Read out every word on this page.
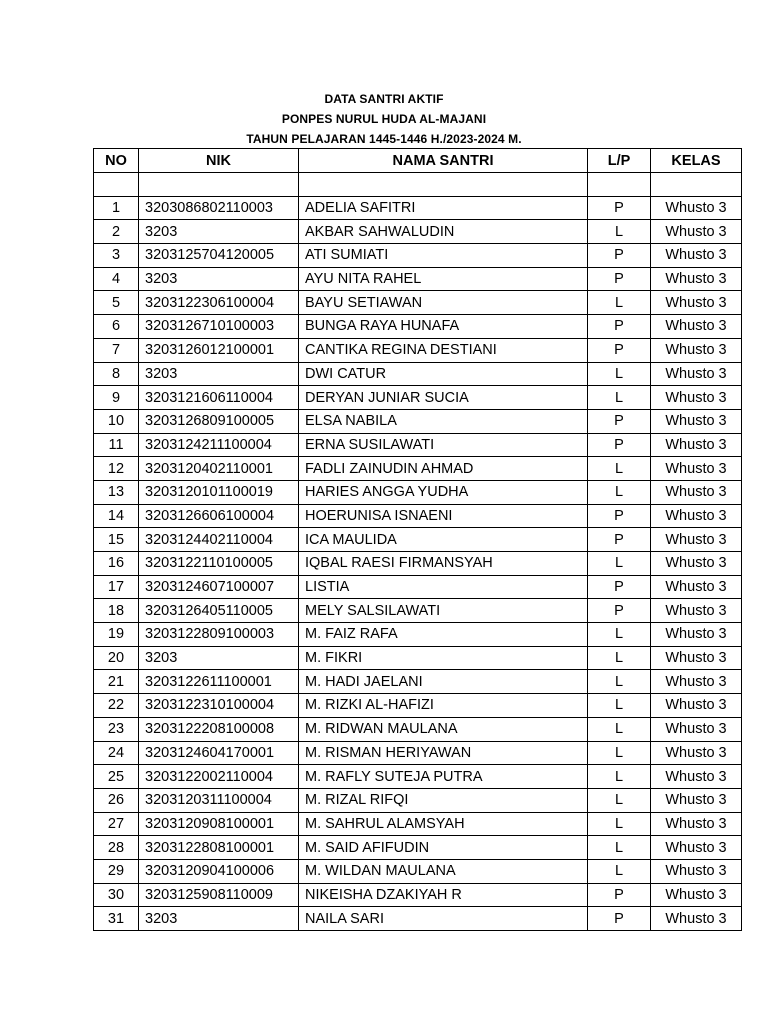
DATA SANTRI AKTIF
PONPES NURUL HUDA AL-MAJANI
TAHUN PELAJARAN 1445-1446 H./2023-2024 M.
NO	NIK	NAMA SANTRI	L/P	KELAS

1	3203086802110003	ADELIA SAFITRI	P	Whusto 3
2	3203	AKBAR SAHWALUDIN	L	Whusto 3
3	3203125704120005	ATI SUMIATI	P	Whusto 3
4	3203	AYU NITA RAHEL	P	Whusto 3
5	3203122306100004	BAYU SETIAWAN	L	Whusto 3
6	3203126710100003	BUNGA RAYA HUNAFA	P	Whusto 3
7	3203126012100001	CANTIKA REGINA DESTIANI	P	Whusto 3
8	3203	DWI CATUR	L	Whusto 3
9	3203121606110004	DERYAN JUNIAR SUCIA	L	Whusto 3
10	3203126809100005	ELSA NABILA	P	Whusto 3
11	3203124211100004	ERNA SUSILAWATI	P	Whusto 3
12	3203120402110001	FADLI ZAINUDIN AHMAD	L	Whusto 3
13	3203120101100019	HARIES ANGGA YUDHA	L	Whusto 3
14	3203126606100004	HOERUNISA ISNAENI	P	Whusto 3
15	3203124402110004	ICA MAULIDA	P	Whusto 3
16	3203122110100005	IQBAL RAESI FIRMANSYAH	L	Whusto 3
17	3203124607100007	LISTIA	P	Whusto 3
18	3203126405110005	MELY SALSILAWATI	P	Whusto 3
19	3203122809100003	M. FAIZ RAFA	L	Whusto 3
20	3203	M. FIKRI	L	Whusto 3
21	3203122611100001	M. HADI JAELANI	L	Whusto 3
22	3203122310100004	M. RIZKI AL-HAFIZI	L	Whusto 3
23	3203122208100008	M. RIDWAN MAULANA	L	Whusto 3
24	3203124604170001	M. RISMAN HERIYAWAN	L	Whusto 3
25	3203122002110004	M. RAFLY SUTEJA PUTRA	L	Whusto 3
26	3203120311100004	M. RIZAL RIFQI	L	Whusto 3
27	3203120908100001	M. SAHRUL ALAMSYAH	L	Whusto 3
28	3203122808100001	M. SAID AFIFUDIN	L	Whusto 3
29	3203120904100006	M. WILDAN MAULANA	L	Whusto 3
30	3203125908110009	NIKEISHA DZAKIYAH R	P	Whusto 3
31	3203	NAILA SARI	P	Whusto 3
